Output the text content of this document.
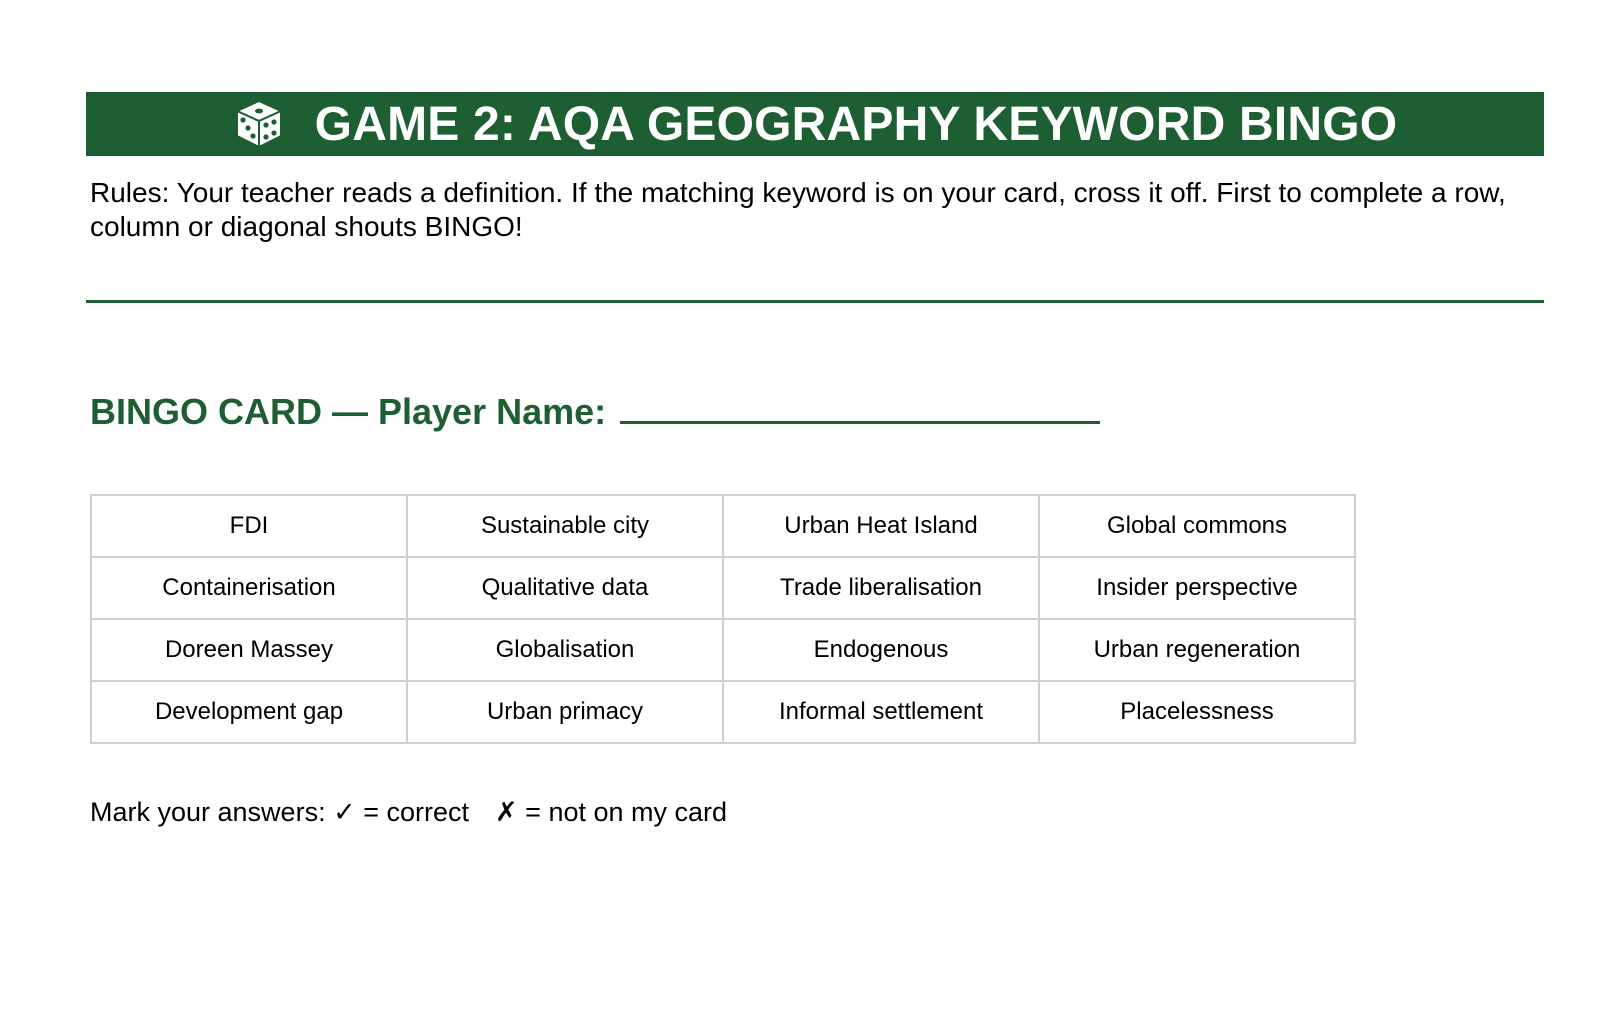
GAME 2: AQA GEOGRAPHY KEYWORD BINGO
Rules: Your teacher reads a definition. If the matching keyword is on your card, cross it off. First to complete a row, column or diagonal shouts BINGO!
BINGO CARD — Player Name:
FDI	Sustainable city	Urban Heat Island	Global commons
Containerisation	Qualitative data	Trade liberalisation	Insider perspective
Doreen Massey	Globalisation	Endogenous	Urban regeneration
Development gap	Urban primacy	Informal settlement	Placelessness
Mark your answers: ✓ = correct ✗ = not on my card
